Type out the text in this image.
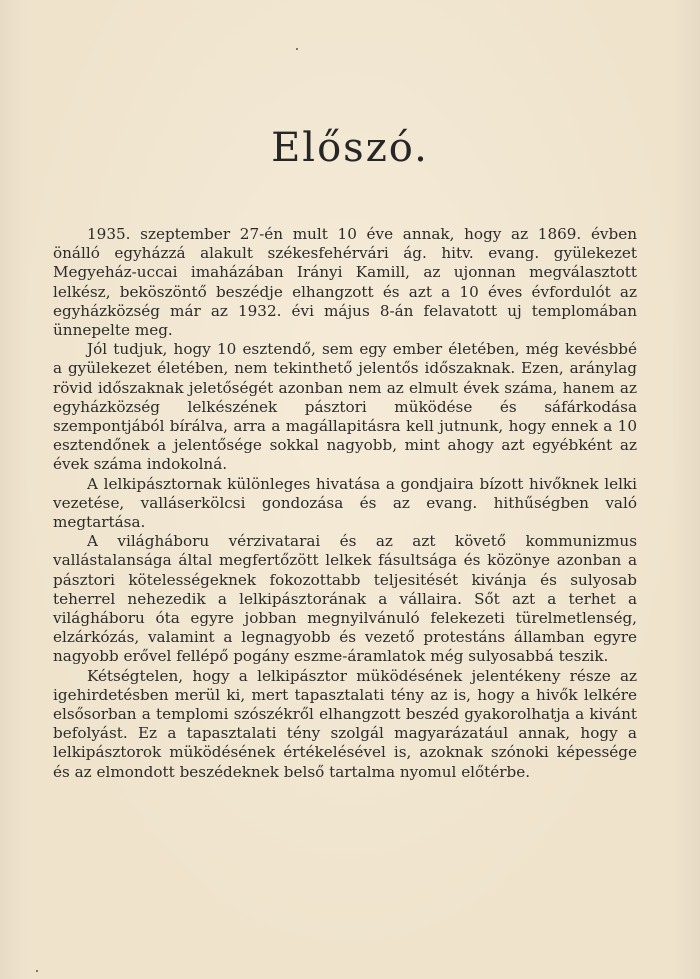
Előszó.

1935. szeptember 27-én mult 10 éve annak, hogy az 1869. évben önálló egyházzá alakult székesfehérvári ág. hitv. evang. gyülekezet Megyeház-uccai imaházában Irányi Kamill, az ujonnan megválasztott lelkész, beköszöntő beszédje elhangzott és azt a 10 éves évfordulót az egyházközség már az 1932. évi május 8-án felavatott uj templomában ünnepelte meg.

Jól tudjuk, hogy 10 esztendő, sem egy ember életében, még kevésbbé a gyülekezet életében, nem tekinthető jelentős időszaknak. Ezen, aránylag rövid időszaknak jeletőségét azonban nem az elmult évek száma, hanem az egyházközség lelkészének pásztori müködése és sáfárkodása szempontjából bírálva, arra a magállapitásra kell jutnunk, hogy ennek a 10 esztendőnek a jelentősége sokkal nagyobb, mint ahogy azt egyébként az évek száma indokolná.

A lelkipásztornak különleges hivatása a gondjaira bízott hivőknek lelki vezetése, valláserkölcsi gondozása és az evang. hithűségben való megtartása.

A világháboru vérzivatarai és az azt követő kommunizmus vallástalansága által megfertőzött lelkek fásultsága és közönye azonban a pásztori kötelességeknek fokozottabb teljesitését kivánja és sulyosab teherrel nehezedik a lelkipásztorának a vállaira. Sőt azt a terhet a világháboru óta egyre jobban megnyilvánuló felekezeti türelmetlenség, elzárkózás, valamint a legnagyobb és vezető protestáns államban egyre nagyobb erővel fellépő pogány eszme-áramlatok még sulyosabbá teszik.

Kétségtelen, hogy a lelkipásztor müködésének jelentékeny része az igehirdetésben merül ki, mert tapasztalati tény az is, hogy a hivők lelkére elsősorban a templomi szószékről elhangzott beszéd gyakorolhatja a kivánt befolyást. Ez a tapasztalati tény szolgál magyarázatául annak, hogy a lelkipásztorok müködésének értékelésével is, azoknak szónoki képessége és az elmondott beszédeknek belső tartalma nyomul előtérbe.
